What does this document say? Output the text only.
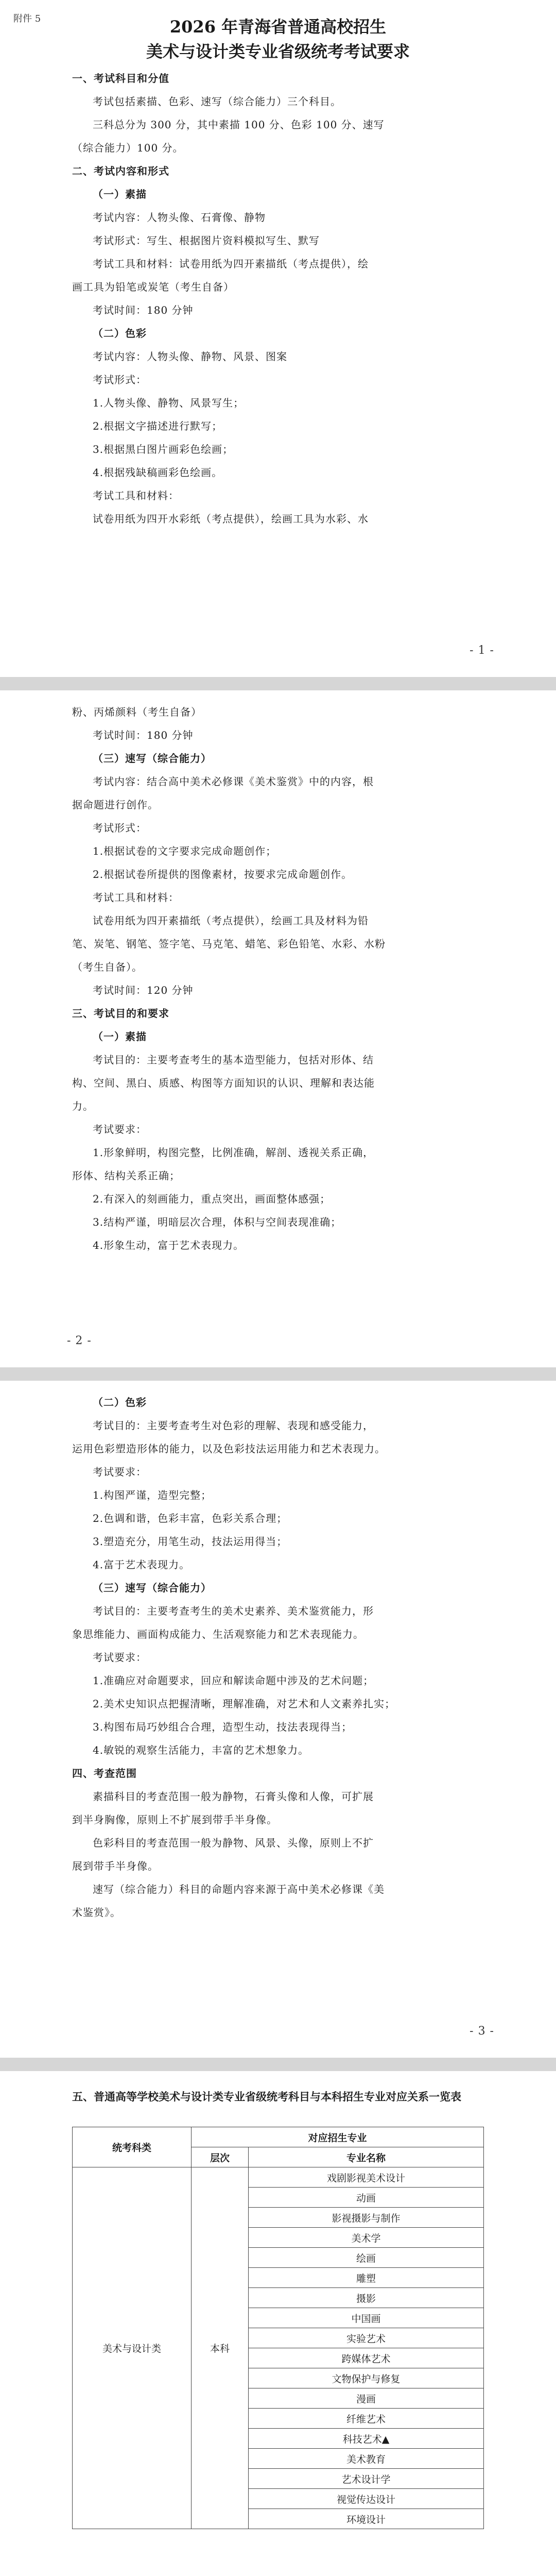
附件 5	2026 年青海省普通高校招生
美术与设计类专业省级统考考试要求
一、考试科目和分值
考试包括素描、色彩、速写（综合能力）三个科目。
三科总分为 300 分，其中素描 100 分、色彩 100 分、速写
（综合能力）100 分。
二、考试内容和形式
（一）素描
考试内容：人物头像、石膏像、静物
考试形式：写生、根据图片资料模拟写生、默写
考试工具和材料：试卷用纸为四开素描纸（考点提供），绘
画工具为铅笔或炭笔（考生自备）
考试时间：180 分钟
（二）色彩
考试内容：人物头像、静物、风景、图案
考试形式：
1.人物头像、静物、风景写生；
2.根据文字描述进行默写；
3.根据黑白图片画彩色绘画；
4.根据残缺稿画彩色绘画。
考试工具和材料：
试卷用纸为四开水彩纸（考点提供），绘画工具为水彩、水
- 1 -
粉、丙烯颜料（考生自备）
考试时间：180 分钟
（三）速写（综合能力）
考试内容：结合高中美术必修课《美术鉴赏》中的内容，根
据命题进行创作。
考试形式：
1.根据试卷的文字要求完成命题创作；
2.根据试卷所提供的图像素材，按要求完成命题创作。
考试工具和材料：
试卷用纸为四开素描纸（考点提供），绘画工具及材料为铅
笔、炭笔、钢笔、签字笔、马克笔、蜡笔、彩色铅笔、水彩、水粉
（考生自备）。
考试时间：120 分钟
三、考试目的和要求
（一）素描
考试目的：主要考查考生的基本造型能力，包括对形体、结
构、空间、黑白、质感、构图等方面知识的认识、理解和表达能
力。
考试要求：
1.形象鲜明，构图完整，比例准确，解剖、透视关系正确，
形体、结构关系正确；
2.有深入的刻画能力，重点突出，画面整体感强；
3.结构严谨，明暗层次合理，体积与空间表现准确；
4.形象生动，富于艺术表现力。
- 2 -
（二）色彩
考试目的：主要考查考生对色彩的理解、表现和感受能力，
运用色彩塑造形体的能力，以及色彩技法运用能力和艺术表现力。
考试要求：
1.构图严谨，造型完整；
2.色调和谐，色彩丰富，色彩关系合理；
3.塑造充分，用笔生动，技法运用得当；
4.富于艺术表现力。
（三）速写（综合能力）
考试目的：主要考查考生的美术史素养、美术鉴赏能力，形
象思维能力、画面构成能力、生活观察能力和艺术表现能力。
考试要求：
1.准确应对命题要求，回应和解读命题中涉及的艺术问题；
2.美术史知识点把握清晰，理解准确，对艺术和人文素养扎实；
3.构图布局巧妙组合合理，造型生动，技法表现得当；
4.敏锐的观察生活能力，丰富的艺术想象力。
四、考查范围
素描科目的考查范围一般为静物，石膏头像和人像，可扩展
到半身胸像，原则上不扩展到带手半身像。
色彩科目的考查范围一般为静物、风景、头像，原则上不扩
展到带手半身像。
速写（综合能力）科目的命题内容来源于高中美术必修课《美
术鉴赏》。
- 3 -
五、普通高等学校美术与设计类专业省级统考科目与本科招生专业对应关系一览表
统考科类	对应招生专业	
	层次	专业名称
美术与设计类	本科	戏剧影视美术设计
		动画
		影视摄影与制作
		美术学
		绘画
		雕塑
		摄影
		中国画
		实验艺术
		跨媒体艺术
		文物保护与修复
		漫画
		纤维艺术
		科技艺术▲
		美术教育
		艺术设计学
		视觉传达设计
		环境设计
